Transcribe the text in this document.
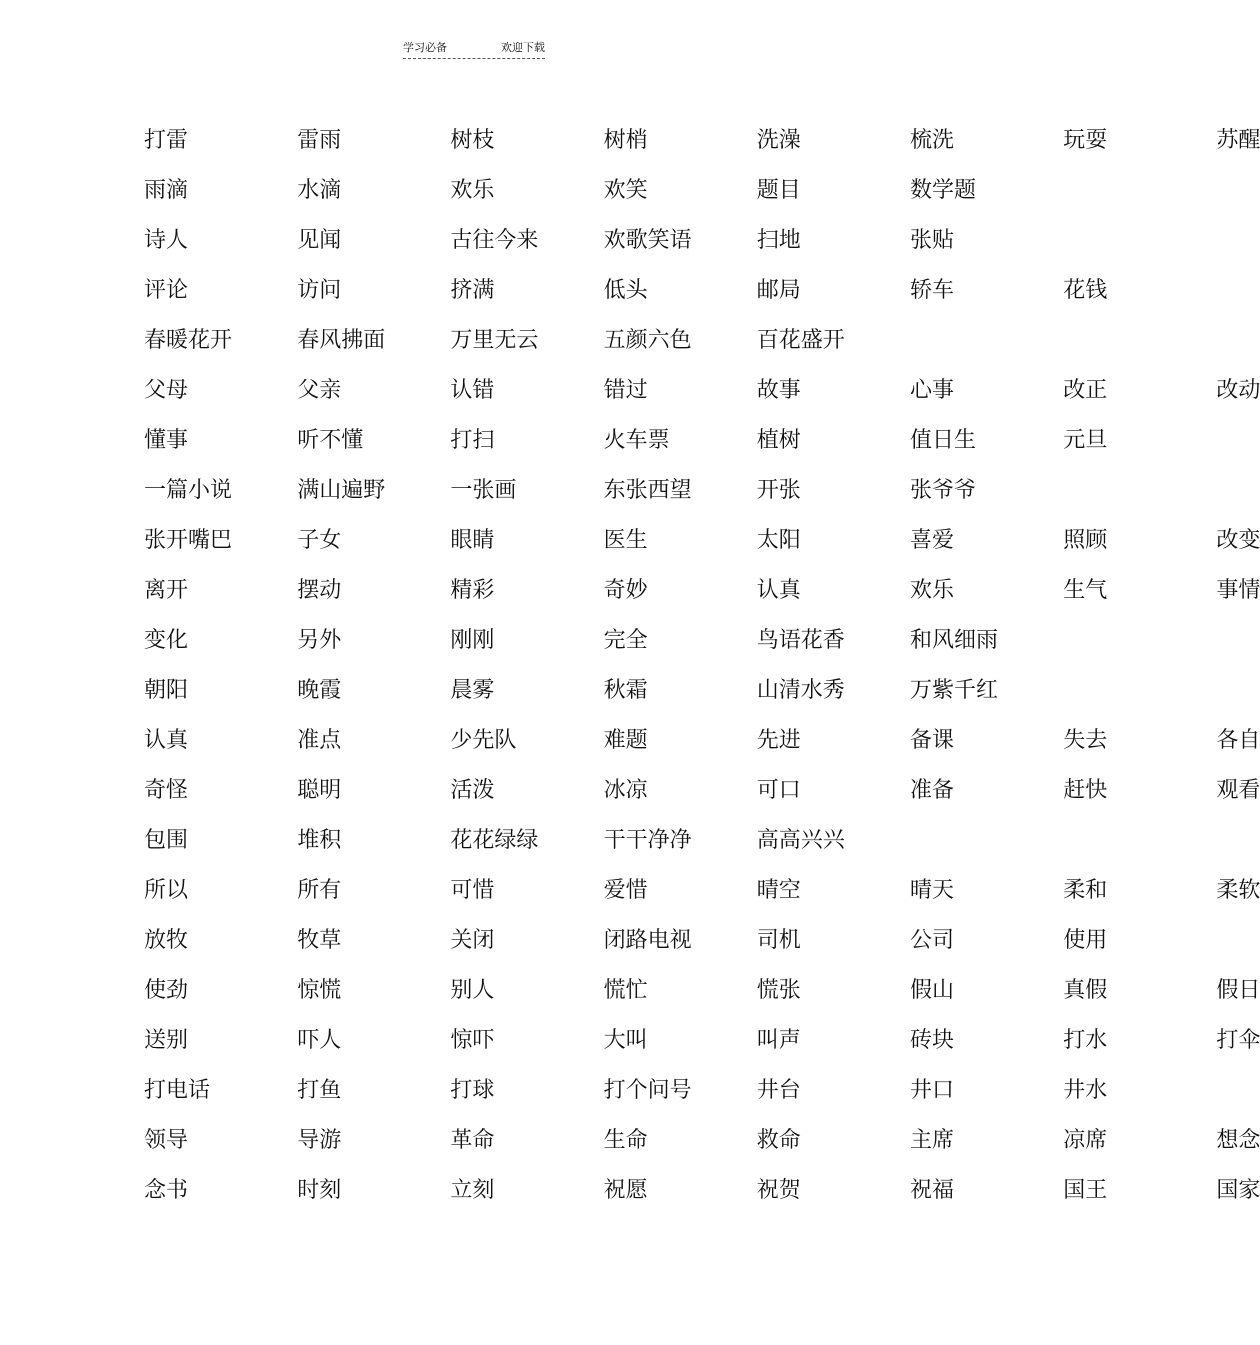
学习必备	欢迎下载
打雷	雷雨	树枝	树梢	洗澡	梳洗	玩耍	苏醒
雨滴	水滴	欢乐	欢笑	题目	数学题
诗人	见闻	古往今来	欢歌笑语	扫地	张贴
评论	访问	挤满	低头	邮局	轿车	花钱
春暖花开	春风拂面	万里无云	五颜六色	百花盛开
父母	父亲	认错	错过	故事	心事	改正	改动
懂事	听不懂	打扫	火车票	植树	值日生	元旦
一篇小说	满山遍野	一张画	东张西望	开张	张爷爷
张开嘴巴	子女	眼睛	医生	太阳	喜爱	照顾	改变
离开	摆动	精彩	奇妙	认真	欢乐	生气	事情
变化	另外	刚刚	完全	鸟语花香	和风细雨
朝阳	晚霞	晨雾	秋霜	山清水秀	万紫千红
认真	准点	少先队	难题	先进	备课	失去	各自
奇怪	聪明	活泼	冰凉	可口	准备	赶快	观看
包围	堆积	花花绿绿	干干净净	高高兴兴
所以	所有	可惜	爱惜	晴空	晴天	柔和	柔软
放牧	牧草	关闭	闭路电视	司机	公司	使用
使劲	惊慌	别人	慌忙	慌张	假山	真假	假日
送别	吓人	惊吓	大叫	叫声	砖块	打水	打伞
打电话	打鱼	打球	打个问号	井台	井口	井水
领导	导游	革命	生命	救命	主席	凉席	想念
念书	时刻	立刻	祝愿	祝贺	祝福	国王	国家
